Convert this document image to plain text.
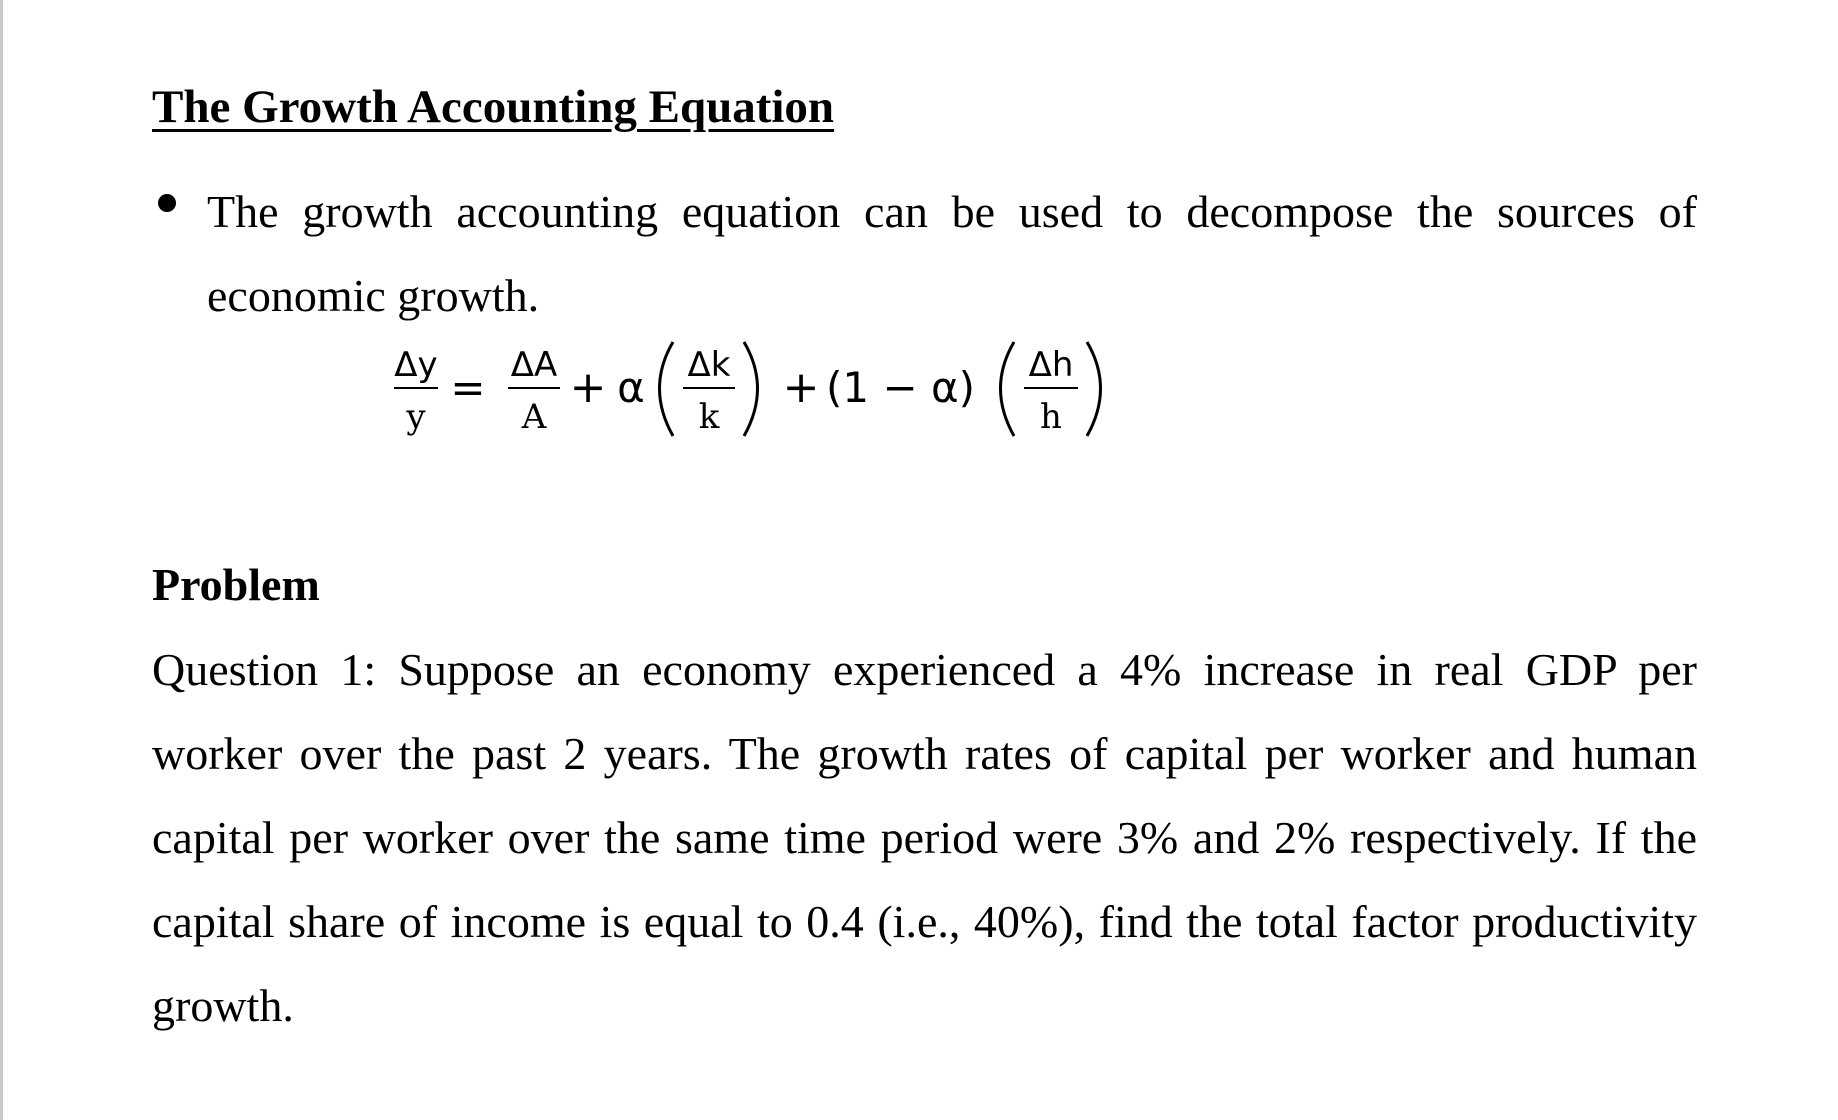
The Growth Accounting Equation

The growth accounting equation can be used to decompose the sources of economic growth.

Δy
y
= ΔA
A
+ α Δk
k
+ (1 − α) Δh
h
Problem

Question 1: Suppose an economy experienced a 4% increase in real GDP per worker over the past 2 years. The growth rates of capital per worker and human capital per worker over the same time period were 3% and 2% respectively. If the capital share of income is equal to 0.4 (i.e., 40%), find the total factor productivity growth.
